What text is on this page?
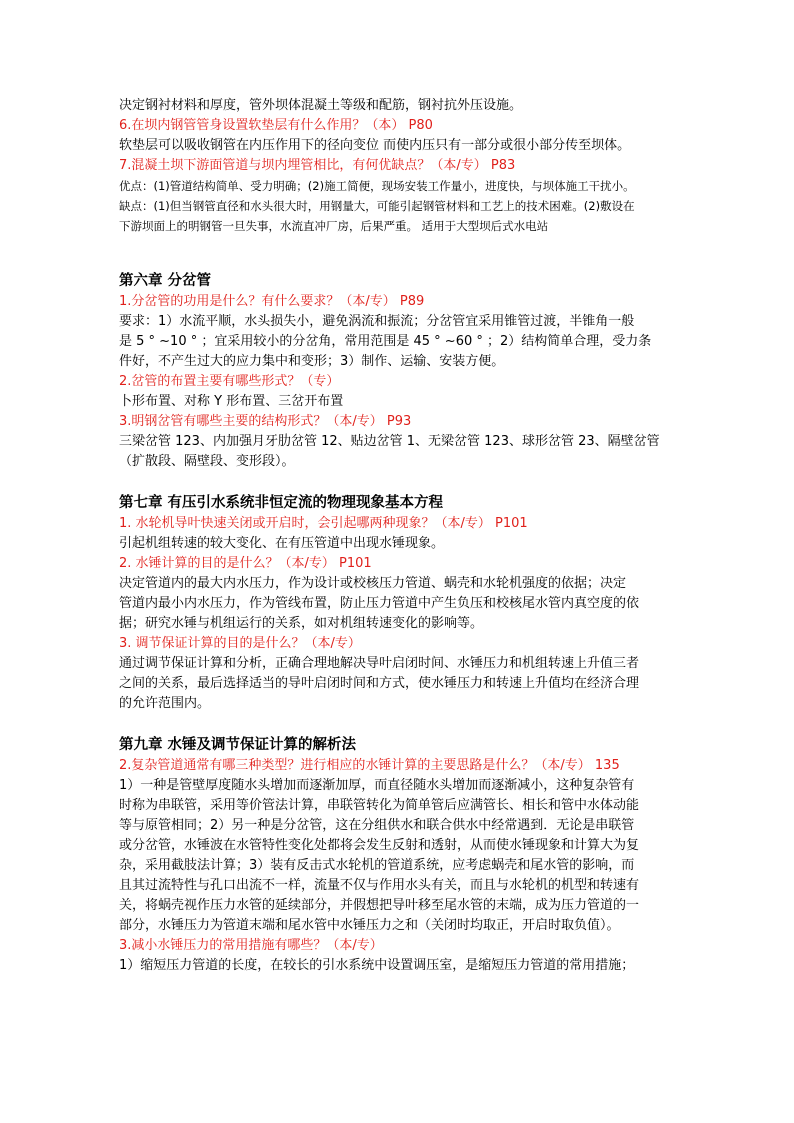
决定钢衬材料和厚度，管外坝体混凝土等级和配筋，钢衬抗外压设施。
6.在坝内钢管管身设置软垫层有什么作用？（本） P80
软垫层可以吸收钢管在内压作用下的径向变位 而使内压只有一部分或很小部分传至坝体。
7.混凝土坝下游面管道与坝内埋管相比，有何优缺点？（本/专） P83
优点：(1)管道结构简单、受力明确；(2)施工简便，现场安装工作量小，进度快，与坝体施工干扰小。
缺点：(1)但当钢管直径和水头很大时，用钢量大，可能引起钢管材料和工艺上的技术困难。(2)敷设在
下游坝面上的明钢管一旦失事，水流直冲厂房，后果严重。 适用于大型坝后式水电站
第六章 分岔管
1.分岔管的功用是什么？有什么要求？（本/专） P89
要求：1）水流平顺，水头损失小，避免涡流和振流；分岔管宜采用锥管过渡，半锥角一般
是 5 ° ~10 ° ；宜采用较小的分岔角，常用范围是 45 ° ~60 ° ；2）结构简单合理，受力条
件好，不产生过大的应力集中和变形；3）制作、运输、安装方便。
2.岔管的布置主要有哪些形式？（专）
卜形布置、对称 Y 形布置、三岔开布置
3.明钢岔管有哪些主要的结构形式？（本/专） P93
三梁岔管 123、内加强月牙肋岔管 12、贴边岔管 1、无梁岔管 123、球形岔管 23、隔壁岔管
（扩散段、隔壁段、变形段）。
第七章 有压引水系统非恒定流的物理现象基本方程
1. 水轮机导叶快速关闭或开启时，会引起哪两种现象？（本/专） P101
引起机组转速的较大变化、在有压管道中出现水锤现象。
2. 水锤计算的目的是什么？（本/专） P101
决定管道内的最大内水压力，作为设计或校核压力管道、蜗壳和水轮机强度的依据；决定
管道内最小内水压力，作为管线布置，防止压力管道中产生负压和校核尾水管内真空度的依
据；研究水锤与机组运行的关系，如对机组转速变化的影响等。
3. 调节保证计算的目的是什么？（本/专）
通过调节保证计算和分析，正确合理地解决导叶启闭时间、水锤压力和机组转速上升值三者
之间的关系，最后选择适当的导叶启闭时间和方式，使水锤压力和转速上升值均在经济合理
的允许范围内。
第九章 水锤及调节保证计算的解析法
2.复杂管道通常有哪三种类型？进行相应的水锤计算的主要思路是什么？（本/专） 135
1）一种是管壁厚度随水头增加而逐渐加厚，而直径随水头增加而逐渐减小，这种复杂管有
时称为串联管，采用等价管法计算，串联管转化为简单管后应满管长、相长和管中水体动能
等与原管相同；2）另一种是分岔管，这在分组供水和联合供水中经常遇到．无论是串联管
或分岔管，水锤波在水管特性变化处都将会发生反射和透射，从而使水锤现象和计算大为复
杂，采用截肢法计算；3）装有反击式水轮机的管道系统，应考虑蜗壳和尾水管的影响，而
且其过流特性与孔口出流不一样，流量不仅与作用水头有关，而且与水轮机的机型和转速有
关，将蜗壳视作压力水管的延续部分，并假想把导叶移至尾水管的末端，成为压力管道的一
部分，水锤压力为管道末端和尾水管中水锤压力之和（关闭时均取正，开启时取负值）。
3.减小水锤压力的常用措施有哪些？（本/专）
1）缩短压力管道的长度，在较长的引水系统中设置调压室，是缩短压力管道的常用措施；
